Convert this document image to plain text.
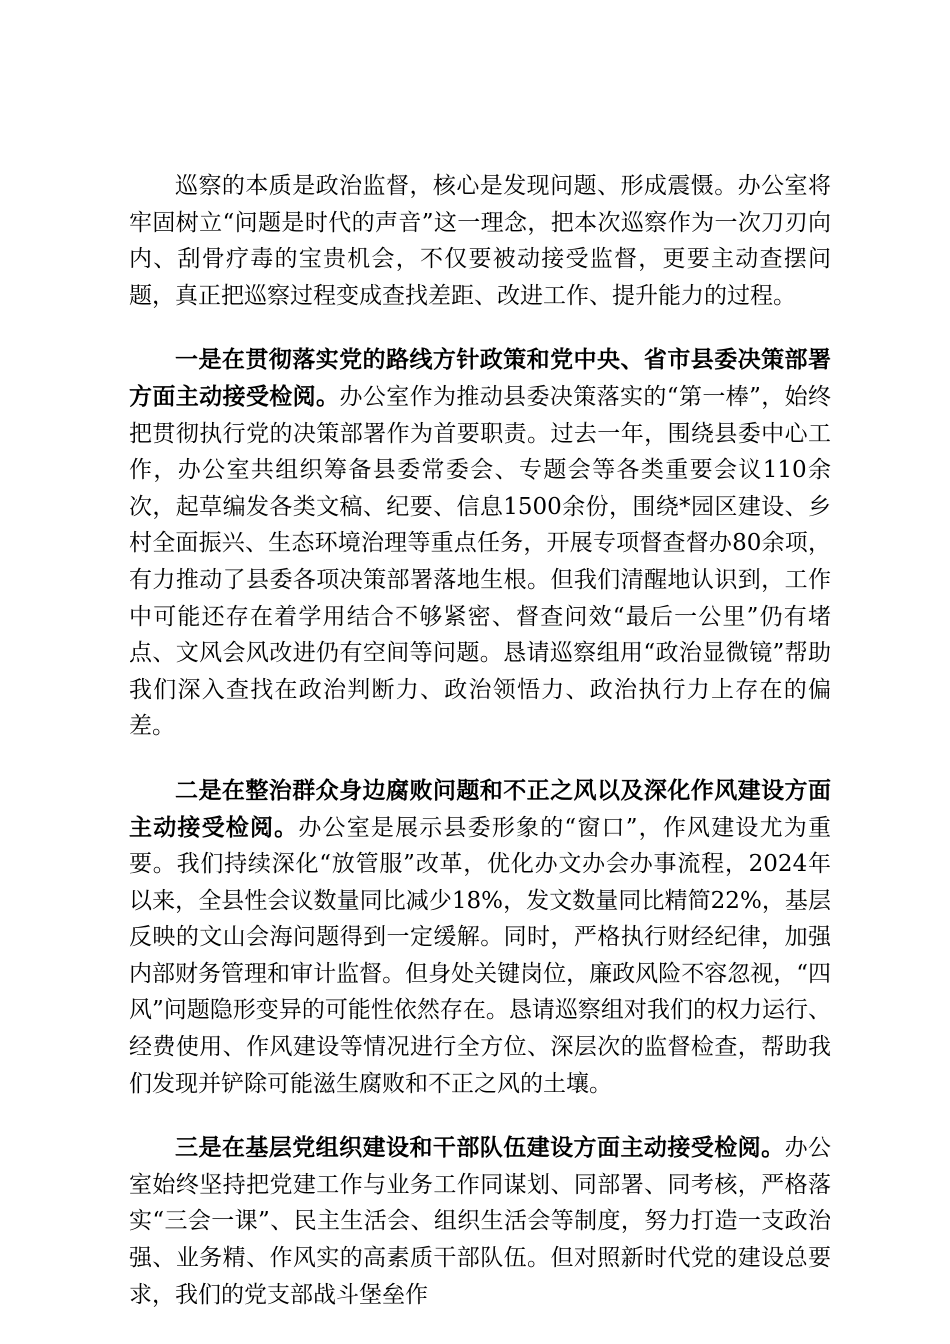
巡察的本质是政治监督，核心是发现问题、形成震慑。办公室将牢固树立“问题是时代的声音”这一理念，把本次巡察作为一次刀刃向内、刮骨疗毒的宝贵机会，不仅要被动接受监督，更要主动查摆问题，真正把巡察过程变成查找差距、改进工作、提升能力的过程。

一是在贯彻落实党的路线方针政策和党中央、省市县委决策部署方面主动接受检阅。办公室作为推动县委决策落实的“第一棒”，始终把贯彻执行党的决策部署作为首要职责。过去一年，围绕县委中心工作，办公室共组织筹备县委常委会、专题会等各类重要会议110余次，起草编发各类文稿、纪要、信息1500余份，围绕*园区建设、乡村全面振兴、生态环境治理等重点任务，开展专项督查督办80余项，有力推动了县委各项决策部署落地生根。但我们清醒地认识到，工作中可能还存在着学用结合不够紧密、督查问效“最后一公里”仍有堵点、文风会风改进仍有空间等问题。恳请巡察组用“政治显微镜”帮助我们深入查找在政治判断力、政治领悟力、政治执行力上存在的偏差。

二是在整治群众身边腐败问题和不正之风以及深化作风建设方面主动接受检阅。办公室是展示县委形象的“窗口”，作风建设尤为重要。我们持续深化“放管服”改革，优化办文办会办事流程，2024年以来，全县性会议数量同比减少18%，发文数量同比精简22%，基层反映的文山会海问题得到一定缓解。同时，严格执行财经纪律，加强内部财务管理和审计监督。但身处关键岗位，廉政风险不容忽视，“四风”问题隐形变异的可能性依然存在。恳请巡察组对我们的权力运行、经费使用、作风建设等情况进行全方位、深层次的监督检查，帮助我们发现并铲除可能滋生腐败和不正之风的土壤。

三是在基层党组织建设和干部队伍建设方面主动接受检阅。办公室始终坚持把党建工作与业务工作同谋划、同部署、同考核，严格落实“三会一课”、民主生活会、组织生活会等制度，努力打造一支政治强、业务精、作风实的高素质干部队伍。但对照新时代党的建设总要求，我们的党支部战斗堡垒作
